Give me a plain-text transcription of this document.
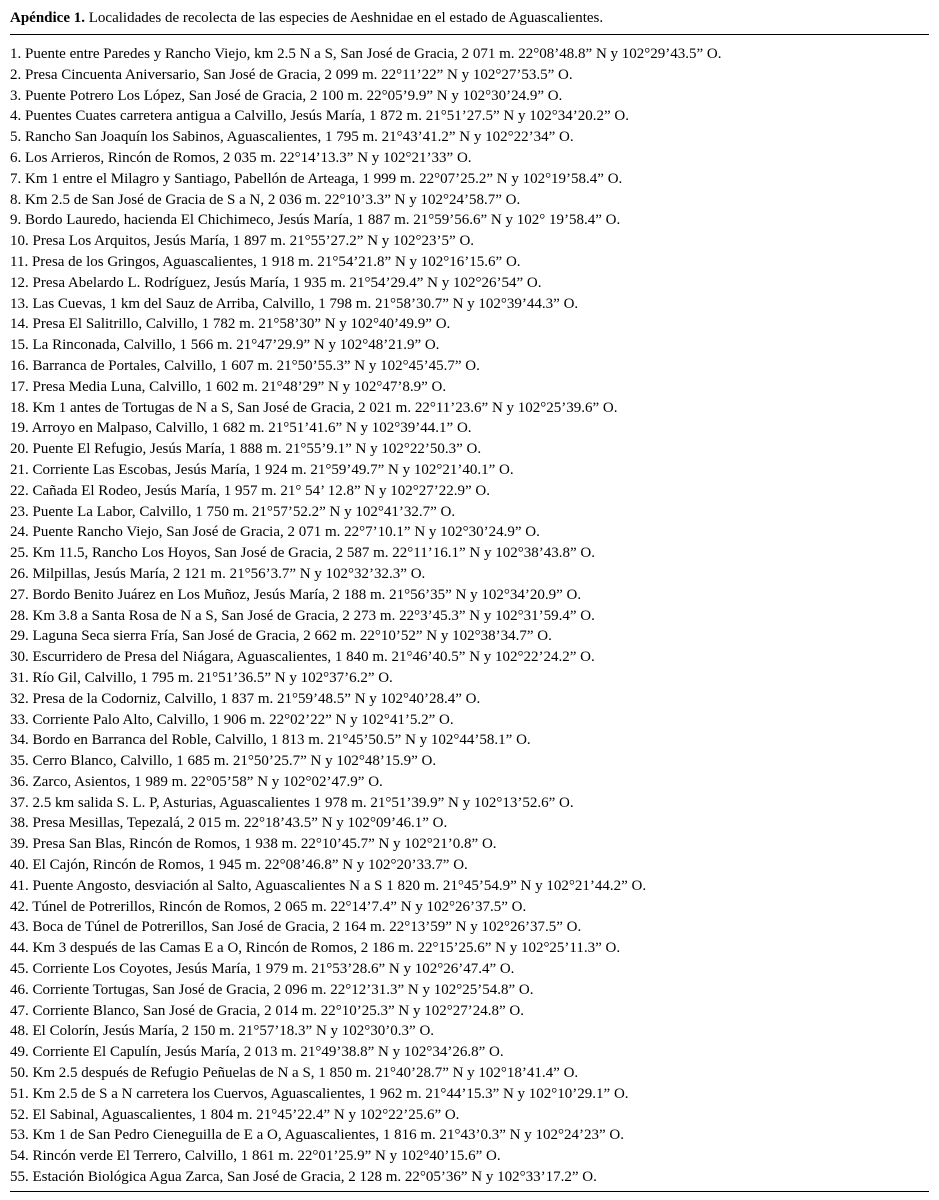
Apéndice 1. Localidades de recolecta de las especies de Aeshnidae en el estado de Aguascalientes.
1. Puente entre Paredes y Rancho Viejo, km 2.5 N a S, San José de Gracia, 2 071 m. 22°08’48.8” N y 102°29’43.5” O.
2. Presa Cincuenta Aniversario, San José de Gracia, 2 099 m. 22°11’22” N y 102°27’53.5” O.
3. Puente Potrero Los López, San José de Gracia, 2 100 m. 22°05’9.9” N y 102°30’24.9” O.
4. Puentes Cuates carretera antigua a Calvillo, Jesús María, 1 872 m. 21°51’27.5” N y 102°34’20.2” O.
5. Rancho San Joaquín los Sabinos, Aguascalientes, 1 795 m. 21°43’41.2” N y 102°22’34” O.
6. Los Arrieros, Rincón de Romos, 2 035 m. 22°14’13.3” N y 102°21’33” O.
7. Km 1 entre el Milagro y Santiago, Pabellón de Arteaga, 1 999 m. 22°07’25.2” N y 102°19’58.4” O.
8. Km 2.5 de San José de Gracia de S a N, 2 036 m. 22°10’3.3” N y 102°24’58.7” O.
9. Bordo Lauredo, hacienda El Chichimeco, Jesús María, 1 887 m. 21°59’56.6” N y 102° 19’58.4” O.
10. Presa Los Arquitos, Jesús María, 1 897 m. 21°55’27.2” N y 102°23’5” O.
11. Presa de los Gringos, Aguascalientes, 1 918 m. 21°54’21.8” N y 102°16’15.6” O.
12. Presa Abelardo L. Rodríguez, Jesús María, 1 935 m. 21°54’29.4” N y 102°26’54” O.
13. Las Cuevas, 1 km del Sauz de Arriba, Calvillo, 1 798 m. 21°58’30.7” N y 102°39’44.3” O.
14. Presa El Salitrillo, Calvillo, 1 782 m. 21°58’30” N y 102°40’49.9” O.
15. La Rinconada, Calvillo, 1 566 m. 21°47’29.9” N y 102°48’21.9” O.
16. Barranca de Portales, Calvillo, 1 607 m. 21°50’55.3” N y 102°45’45.7” O.
17. Presa Media Luna, Calvillo, 1 602 m. 21°48’29” N y 102°47’8.9” O.
18. Km 1 antes de Tortugas de N a S, San José de Gracia, 2 021 m. 22°11’23.6” N y 102°25’39.6” O.
19. Arroyo en Malpaso, Calvillo, 1 682 m. 21°51’41.6” N y 102°39’44.1” O.
20. Puente El Refugio, Jesús María, 1 888 m. 21°55’9.1” N y 102°22’50.3” O.
21. Corriente Las Escobas, Jesús María, 1 924 m. 21°59’49.7” N y 102°21’40.1” O.
22. Cañada El Rodeo, Jesús María, 1 957 m. 21° 54’ 12.8” N y 102°27’22.9” O.
23. Puente La Labor, Calvillo, 1 750 m. 21°57’52.2” N y 102°41’32.7” O.
24. Puente Rancho Viejo, San José de Gracia, 2 071 m. 22°7’10.1” N y 102°30’24.9” O.
25. Km 11.5, Rancho Los Hoyos, San José de Gracia, 2 587 m. 22°11’16.1” N y 102°38’43.8” O.
26. Milpillas, Jesús María, 2 121 m. 21°56’3.7” N y 102°32’32.3” O.
27. Bordo Benito Juárez en Los Muñoz, Jesús María, 2 188 m. 21°56’35” N y 102°34’20.9” O.
28. Km 3.8 a Santa Rosa de N a S, San José de Gracia, 2 273 m. 22°3’45.3” N y 102°31’59.4” O.
29. Laguna Seca sierra Fría, San José de Gracia, 2 662 m. 22°10’52” N y 102°38’34.7” O.
30. Escurridero de Presa del Niágara, Aguascalientes, 1 840 m. 21°46’40.5” N y 102°22’24.2” O.
31. Río Gil, Calvillo, 1 795 m. 21°51’36.5” N y 102°37’6.2” O.
32. Presa de la Codorniz, Calvillo, 1 837 m. 21°59’48.5” N y 102°40’28.4” O.
33. Corriente Palo Alto, Calvillo, 1 906 m. 22°02’22” N y 102°41’5.2” O.
34. Bordo en Barranca del Roble, Calvillo, 1 813 m. 21°45’50.5” N y 102°44’58.1” O.
35. Cerro Blanco, Calvillo, 1 685 m. 21°50’25.7” N y 102°48’15.9” O.
36. Zarco, Asientos, 1 989 m. 22°05’58” N y 102°02’47.9” O.
37. 2.5 km salida S. L. P, Asturias, Aguascalientes 1 978 m. 21°51’39.9” N y 102°13’52.6” O.
38. Presa Mesillas, Tepezalá, 2 015 m. 22°18’43.5” N y 102°09’46.1” O.
39. Presa San Blas, Rincón de Romos, 1 938 m. 22°10’45.7” N y 102°21’0.8” O.
40. El Cajón, Rincón de Romos, 1 945 m. 22°08’46.8” N y 102°20’33.7” O.
41. Puente Angosto, desviación al Salto, Aguascalientes N a S 1 820 m. 21°45’54.9” N y 102°21’44.2” O.
42. Túnel de Potrerillos, Rincón de Romos, 2 065 m. 22°14’7.4” N y 102°26’37.5” O.
43. Boca de Túnel de Potrerillos, San José de Gracia, 2 164 m. 22°13’59” N y 102°26’37.5” O.
44. Km 3 después de las Camas E a O, Rincón de Romos, 2 186 m. 22°15’25.6” N y 102°25’11.3” O.
45. Corriente Los Coyotes, Jesús María, 1 979 m. 21°53’28.6” N y 102°26’47.4” O.
46. Corriente Tortugas, San José de Gracia, 2 096 m. 22°12’31.3” N y 102°25’54.8” O.
47. Corriente Blanco, San José de Gracia, 2 014 m. 22°10’25.3” N y 102°27’24.8” O.
48. El Colorín, Jesús María, 2 150 m. 21°57’18.3” N y 102°30’0.3” O.
49. Corriente El Capulín, Jesús María, 2 013 m. 21°49’38.8” N y 102°34’26.8” O.
50. Km 2.5 después de Refugio Peñuelas de N a S, 1 850 m. 21°40’28.7” N y 102°18’41.4” O.
51. Km 2.5 de S a N carretera los Cuervos, Aguascalientes, 1 962 m. 21°44’15.3” N y 102°10’29.1” O.
52. El Sabinal, Aguascalientes, 1 804 m. 21°45’22.4” N y 102°22’25.6” O.
53. Km 1 de San Pedro Cieneguilla de E a O, Aguascalientes, 1 816 m. 21°43’0.3” N y 102°24’23” O.
54. Rincón verde El Terrero, Calvillo, 1 861 m. 22°01’25.9” N y 102°40’15.6” O.
55. Estación Biológica Agua Zarca, San José de Gracia, 2 128 m. 22°05’36” N y 102°33’17.2” O.
